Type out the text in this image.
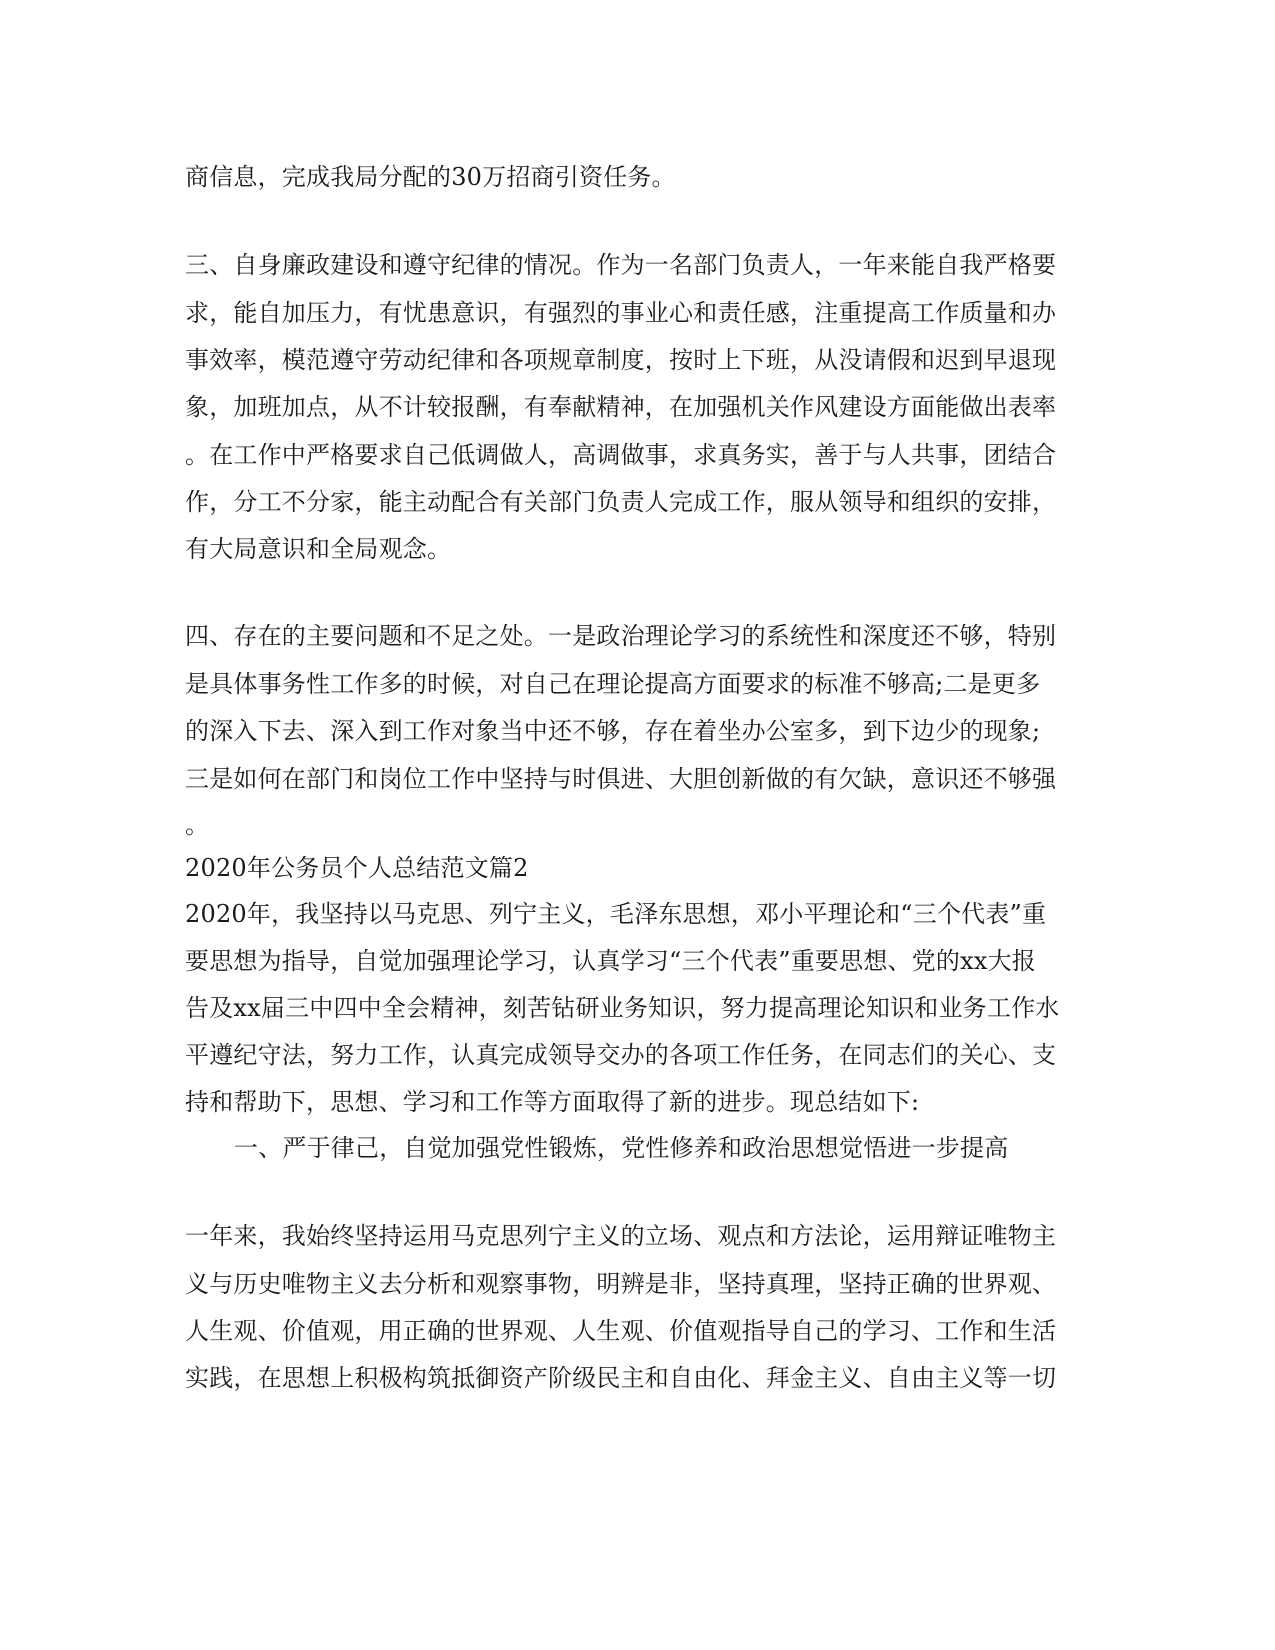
商信息，完成我局分配的30万招商引资任务。
三、自身廉政建设和遵守纪律的情况。作为一名部门负责人，一年来能自我严格要
求，能自加压力，有忧患意识，有强烈的事业心和责任感，注重提高工作质量和办
事效率，模范遵守劳动纪律和各项规章制度，按时上下班，从没请假和迟到早退现
象，加班加点，从不计较报酬，有奉献精神，在加强机关作风建设方面能做出表率
。在工作中严格要求自己低调做人，高调做事，求真务实，善于与人共事，团结合
作，分工不分家，能主动配合有关部门负责人完成工作，服从领导和组织的安排，
有大局意识和全局观念。
四、存在的主要问题和不足之处。一是政治理论学习的系统性和深度还不够，特别
是具体事务性工作多的时候，对自己在理论提高方面要求的标准不够高;二是更多
的深入下去、深入到工作对象当中还不够，存在着坐办公室多，到下边少的现象;
三是如何在部门和岗位工作中坚持与时俱进、大胆创新做的有欠缺，意识还不够强
。
2020年公务员个人总结范文篇2
2020年，我坚持以马克思、列宁主义，毛泽东思想，邓小平理论和“三个代表”重
要思想为指导，自觉加强理论学习，认真学习“三个代表”重要思想、党的xx大报
告及xx届三中四中全会精神，刻苦钻研业务知识，努力提高理论知识和业务工作水
平遵纪守法，努力工作，认真完成领导交办的各项工作任务，在同志们的关心、支
持和帮助下，思想、学习和工作等方面取得了新的进步。现总结如下:
一、严于律己，自觉加强党性锻炼，党性修养和政治思想觉悟进一步提高
一年来，我始终坚持运用马克思列宁主义的立场、观点和方法论，运用辩证唯物主
义与历史唯物主义去分析和观察事物，明辨是非，坚持真理，坚持正确的世界观、
人生观、价值观，用正确的世界观、人生观、价值观指导自己的学习、工作和生活
实践，在思想上积极构筑抵御资产阶级民主和自由化、拜金主义、自由主义等一切
